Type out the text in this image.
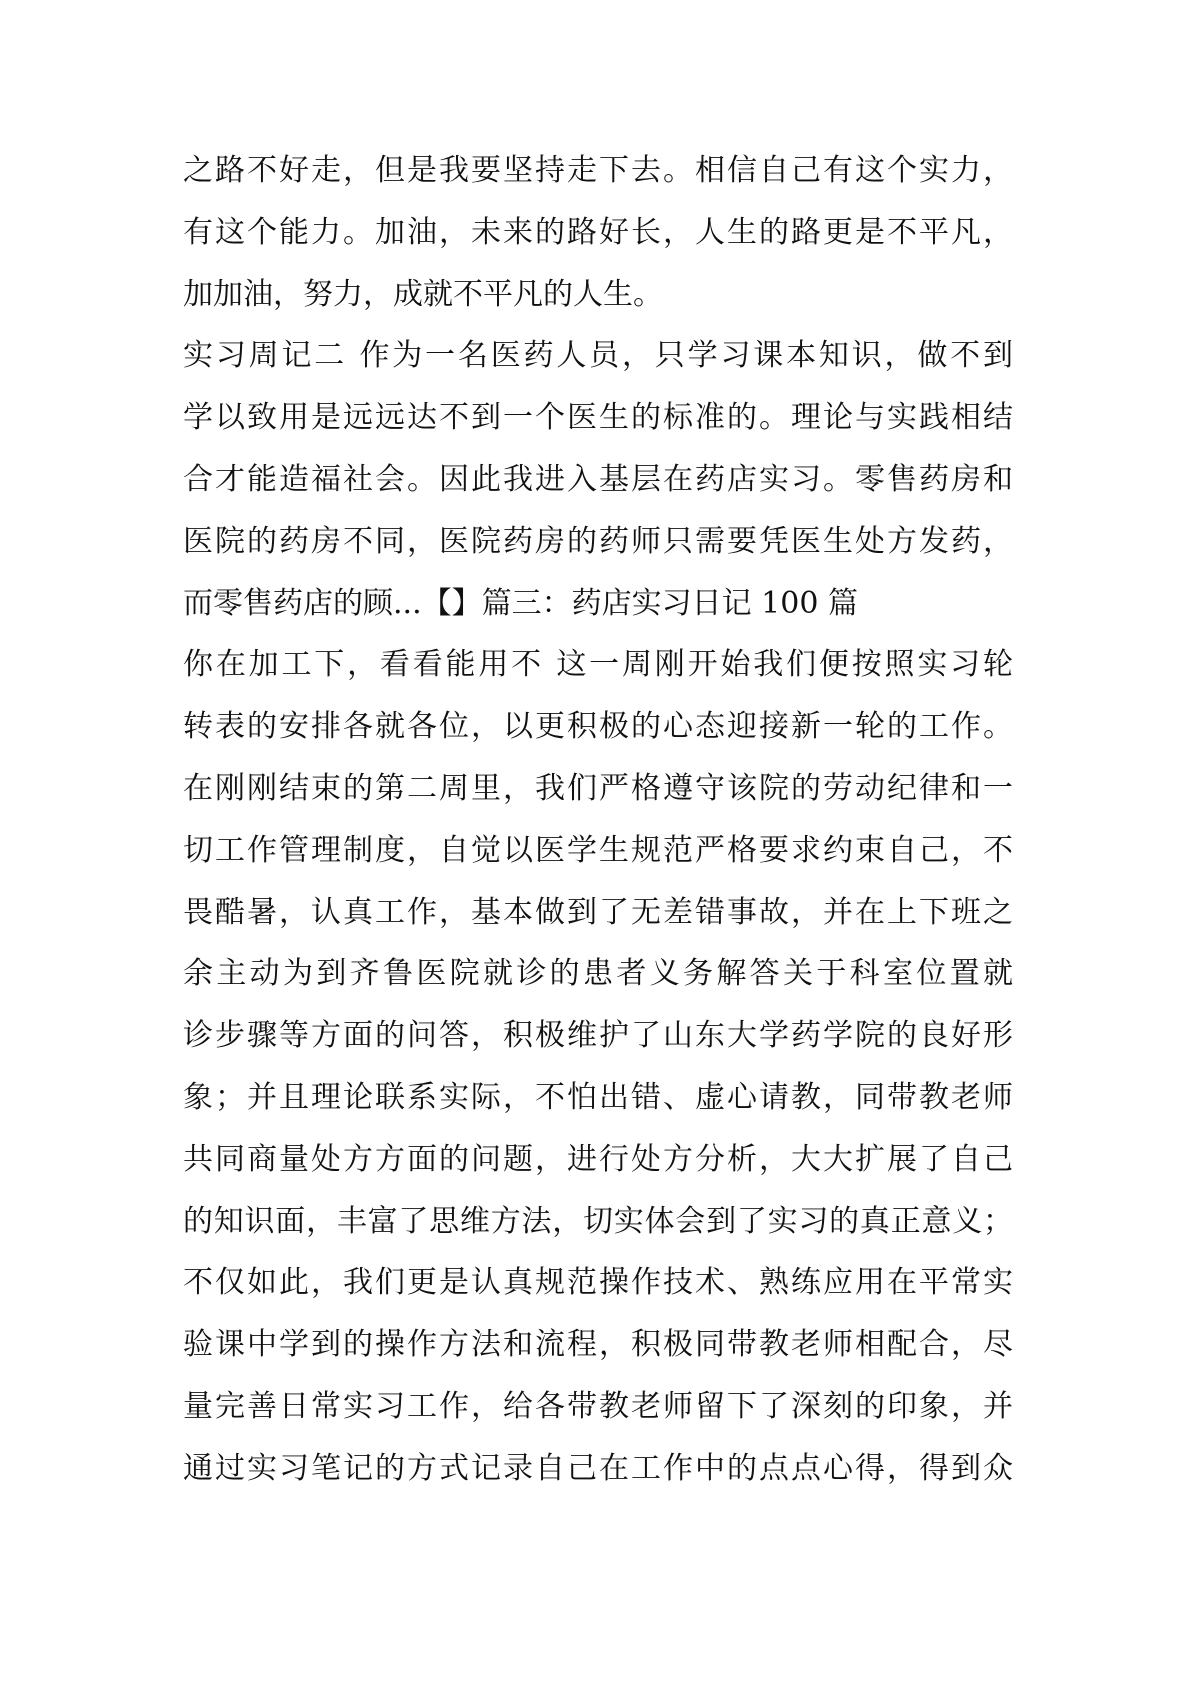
之路不好走，但是我要坚持走下去。相信自己有这个实力，
有这个能力。加油，未来的路好长，人生的路更是不平凡，
加加油，努力，成就不平凡的人生。
实习周记二 作为一名医药人员，只学习课本知识，做不到
学以致用是远远达不到一个医生的标准的。理论与实践相结
合才能造福社会。因此我进入基层在药店实习。零售药房和
医院的药房不同，医院药房的药师只需要凭医生处方发药，
而零售药店的顾...【】篇三：药店实习日记 100 篇
你在加工下，看看能用不 这一周刚开始我们便按照实习轮
转表的安排各就各位，以更积极的心态迎接新一轮的工作。
在刚刚结束的第二周里，我们严格遵守该院的劳动纪律和一
切工作管理制度，自觉以医学生规范严格要求约束自己，不
畏酷暑，认真工作，基本做到了无差错事故，并在上下班之
余主动为到齐鲁医院就诊的患者义务解答关于科室位置就
诊步骤等方面的问答，积极维护了山东大学药学院的良好形
象；并且理论联系实际，不怕出错、虚心请教，同带教老师
共同商量处方方面的问题，进行处方分析，大大扩展了自己
的知识面，丰富了思维方法，切实体会到了实习的真正意义；
不仅如此，我们更是认真规范操作技术、熟练应用在平常实
验课中学到的操作方法和流程，积极同带教老师相配合，尽
量完善日常实习工作，给各带教老师留下了深刻的印象，并
通过实习笔记的方式记录自己在工作中的点点心得，得到众
